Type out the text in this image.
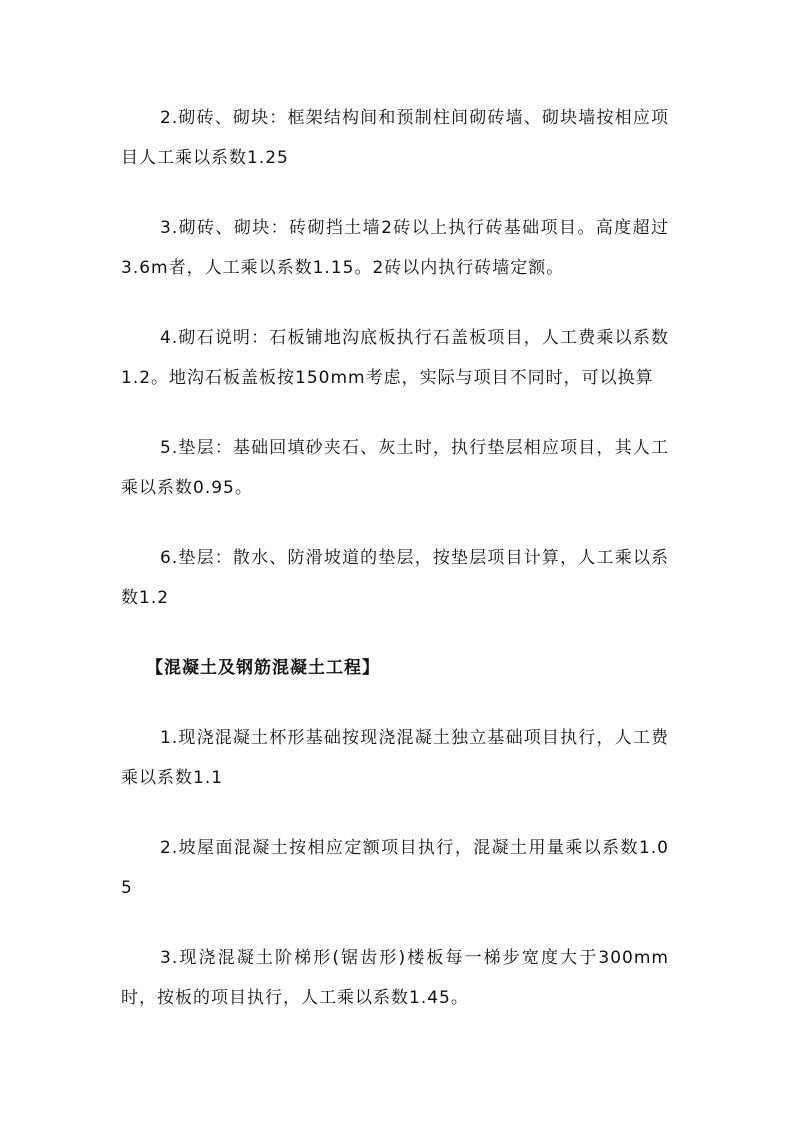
2.砌砖、砌块：框架结构间和预制柱间砌砖墙、砌块墙按相应项目人工乘以系数1.25

3.砌砖、砌块：砖砌挡土墙2砖以上执行砖基础项目。高度超过3.6m者，人工乘以系数1.15。2砖以内执行砖墙定额。

4.砌石说明：石板铺地沟底板执行石盖板项目，人工费乘以系数1.2。地沟石板盖板按150mm考虑，实际与项目不同时，可以换算

5.垫层：基础回填砂夹石、灰土时，执行垫层相应项目，其人工乘以系数0.95。

6.垫层：散水、防滑坡道的垫层，按垫层项目计算，人工乘以系数1.2

【混凝土及钢筋混凝土工程】

1.现浇混凝土杯形基础按现浇混凝土独立基础项目执行，人工费乘以系数1.1

2.坡屋面混凝土按相应定额项目执行，混凝土用量乘以系数1.05

3.现浇混凝土阶梯形(锯齿形)楼板每一梯步宽度大于300mm时，按板的项目执行，人工乘以系数1.45。
